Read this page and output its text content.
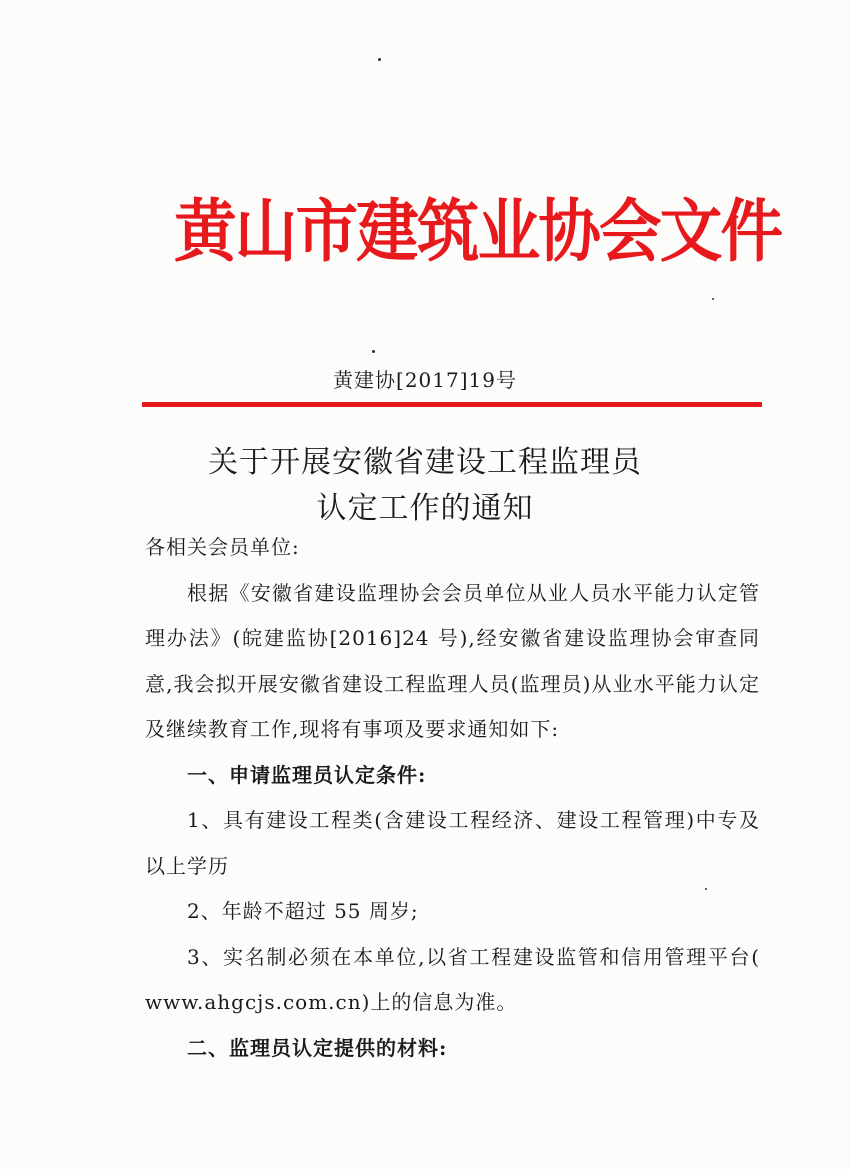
黄山市建筑业协会文件
黄建协[2017]19号
关于开展安徽省建设工程监理员
认定工作的通知

各相关会员单位:

根据《安徽省建设监理协会会员单位从业人员水平能力认定管理办法》(皖建监协[2016]24 号),经安徽省建设监理协会审查同意,我会拟开展安徽省建设工程监理人员(监理员)从业水平能力认定及继续教育工作,现将有事项及要求通知如下:

一、申请监理员认定条件:

1、具有建设工程类(含建设工程经济、建设工程管理)中专及以上学历

2、年龄不超过 55 周岁;

3、实名制必须在本单位,以省工程建设监管和信用管理平台( www.ahgcjs.com.cn)上的信息为准。

二、监理员认定提供的材料:
